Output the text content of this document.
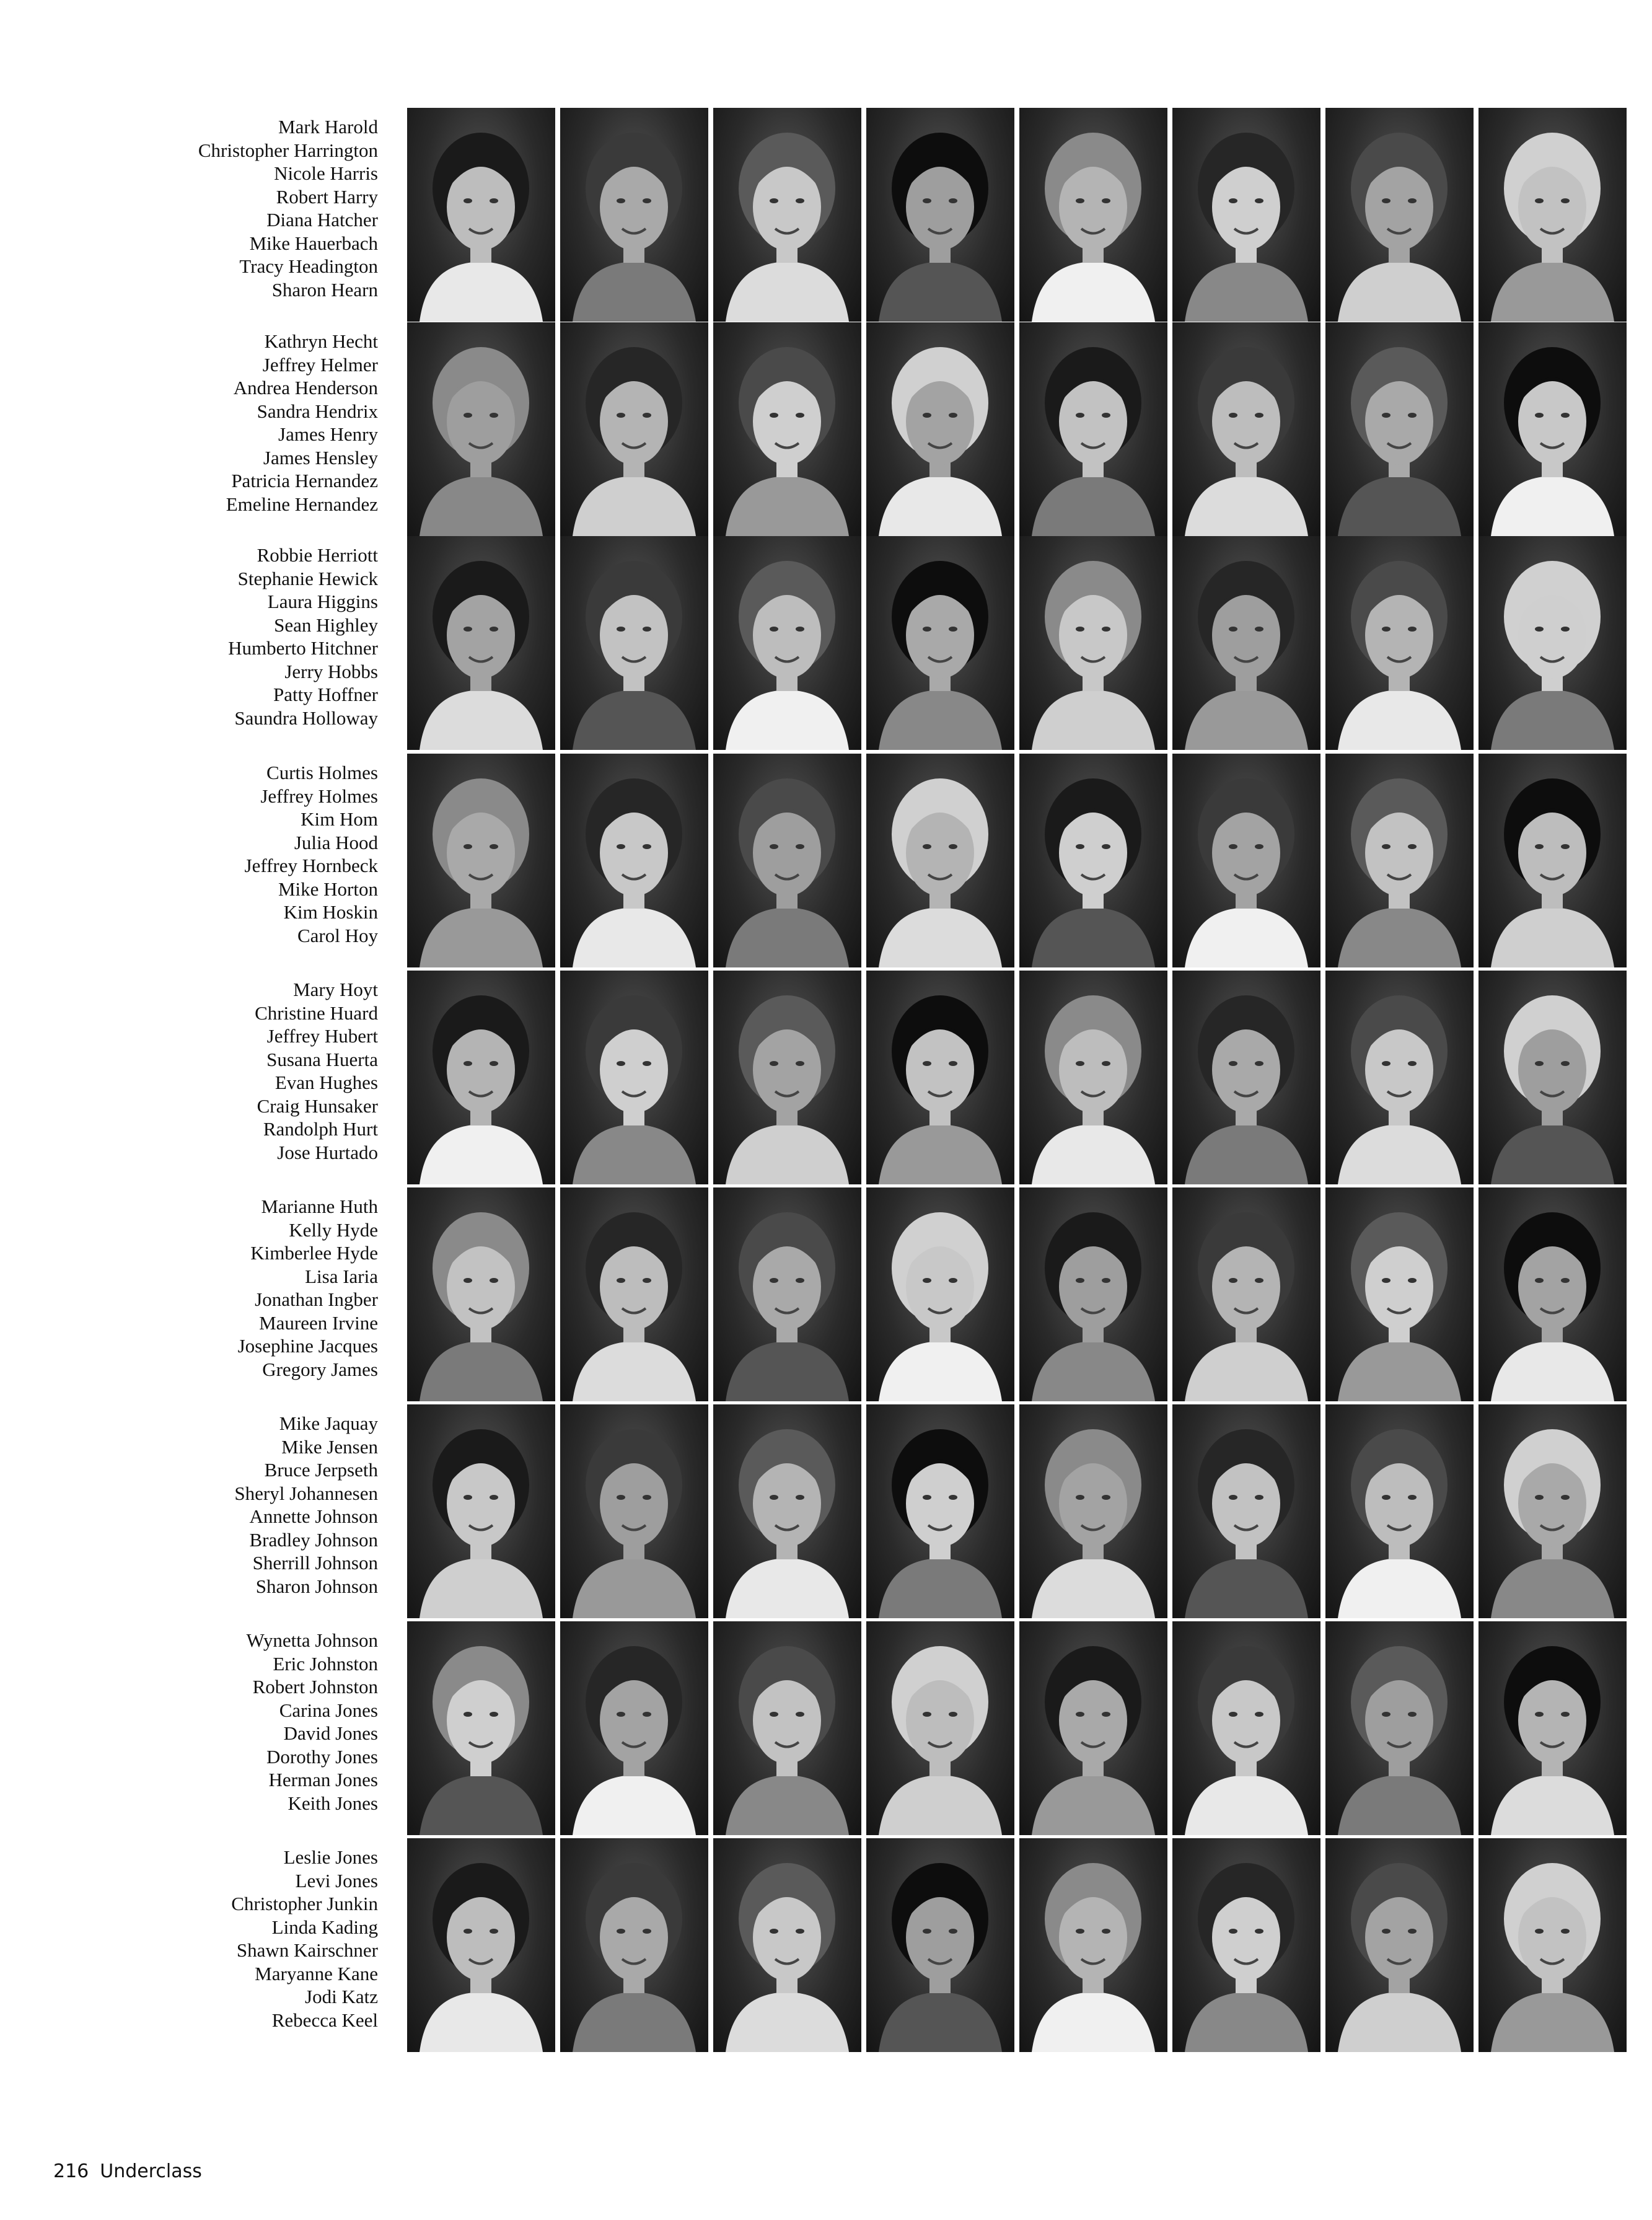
Mark Harold
Christopher Harrington
Nicole Harris
Robert Harry
Diana Hatcher
Mike Hauerbach
Tracy Headington
Sharon Hearn
Kathryn Hecht
Jeffrey Helmer
Andrea Henderson
Sandra Hendrix
James Henry
James Hensley
Patricia Hernandez
Emeline Hernandez
Robbie Herriott
Stephanie Hewick
Laura Higgins
Sean Highley
Humberto Hitchner
Jerry Hobbs
Patty Hoffner
Saundra Holloway
Curtis Holmes
Jeffrey Holmes
Kim Hom
Julia Hood
Jeffrey Hornbeck
Mike Horton
Kim Hoskin
Carol Hoy
Mary Hoyt
Christine Huard
Jeffrey Hubert
Susana Huerta
Evan Hughes
Craig Hunsaker
Randolph Hurt
Jose Hurtado
Marianne Huth
Kelly Hyde
Kimberlee Hyde
Lisa Iaria
Jonathan Ingber
Maureen Irvine
Josephine Jacques
Gregory James
Mike Jaquay
Mike Jensen
Bruce Jerpseth
Sheryl Johannesen
Annette Johnson
Bradley Johnson
Sherrill Johnson
Sharon Johnson
Wynetta Johnson
Eric Johnston
Robert Johnston
Carina Jones
David Jones
Dorothy Jones
Herman Jones
Keith Jones
Leslie Jones
Levi Jones
Christopher Junkin
Linda Kading
Shawn Kairschner
Maryanne Kane
Jodi Katz
Rebecca Keel
216 Underclass
